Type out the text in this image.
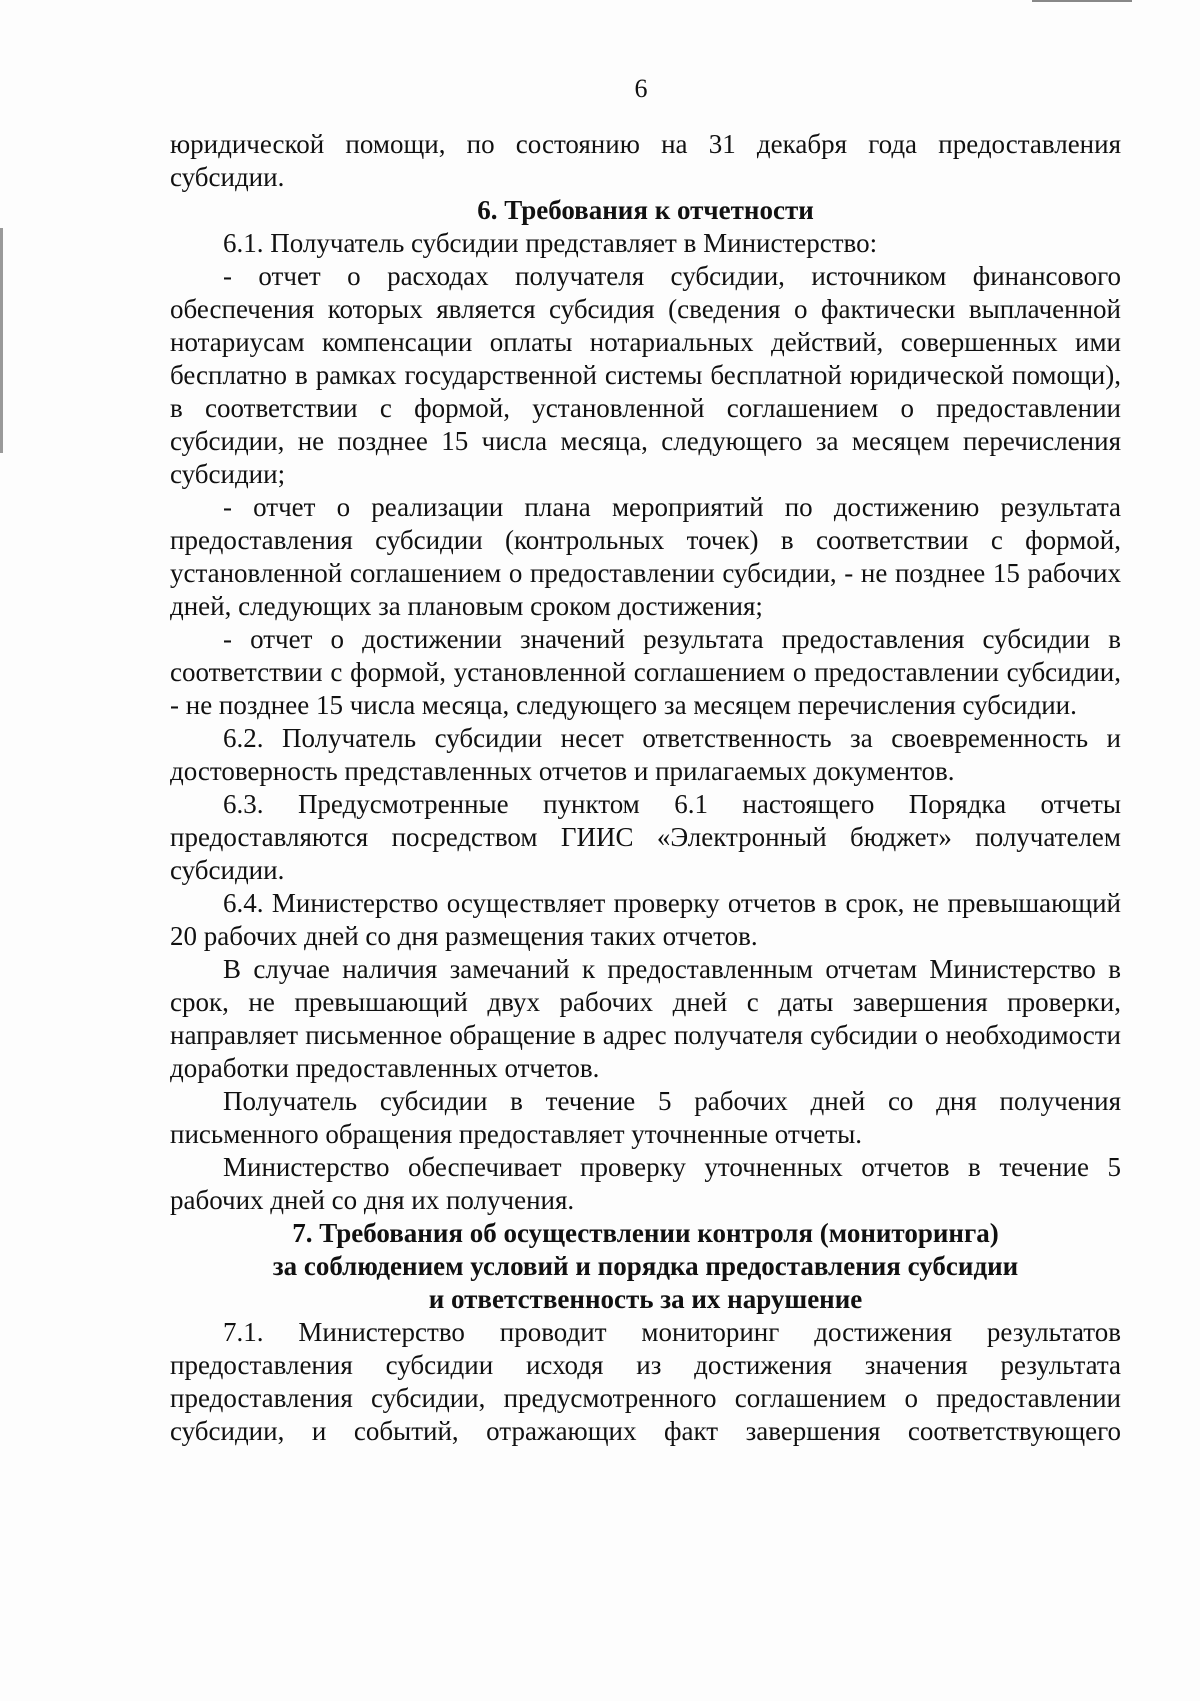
6

юридической помощи, по состоянию на 31 декабря года предоставления субсидии.

6. Требования к отчетности

6.1. Получатель субсидии представляет в Министерство:

- отчет о расходах получателя субсидии, источником финансового обеспечения которых является субсидия (сведения о фактически выплаченной нотариусам компенсации оплаты нотариальных действий, совершенных ими бесплатно в рамках государственной системы бесплатной юридической помощи), в соответствии с формой, установленной соглашением о предоставлении субсидии, не позднее 15 числа месяца, следующего за месяцем перечисления субсидии;

- отчет о реализации плана мероприятий по достижению результата предоставления субсидии (контрольных точек) в соответствии с формой, установленной соглашением о предоставлении субсидии, - не позднее 15 рабочих дней, следующих за плановым сроком достижения;

- отчет о достижении значений результата предоставления субсидии в соответствии с формой, установленной соглашением о предоставлении субсидии, - не позднее 15 числа месяца, следующего за месяцем перечисления субсидии.

6.2. Получатель субсидии несет ответственность за своевременность и достоверность представленных отчетов и прилагаемых документов.

6.3. Предусмотренные пунктом 6.1 настоящего Порядка отчеты предоставляются посредством ГИИС «Электронный бюджет» получателем субсидии.

6.4. Министерство осуществляет проверку отчетов в срок, не превышающий 20 рабочих дней со дня размещения таких отчетов.

В случае наличия замечаний к предоставленным отчетам Министерство в срок, не превышающий двух рабочих дней с даты завершения проверки, направляет письменное обращение в адрес получателя субсидии о необходимости доработки предоставленных отчетов.

Получатель субсидии в течение 5 рабочих дней со дня получения письменного обращения предоставляет уточненные отчеты.

Министерство обеспечивает проверку уточненных отчетов в течение 5 рабочих дней со дня их получения.

7. Требования об осуществлении контроля (мониторинга)
за соблюдением условий и порядка предоставления субсидии
и ответственность за их нарушение

7.1. Министерство проводит мониторинг достижения результатов предоставления субсидии исходя из достижения значения результата предоставления субсидии, предусмотренного соглашением о предоставлении субсидии, и событий, отражающих факт завершения соответствующего
